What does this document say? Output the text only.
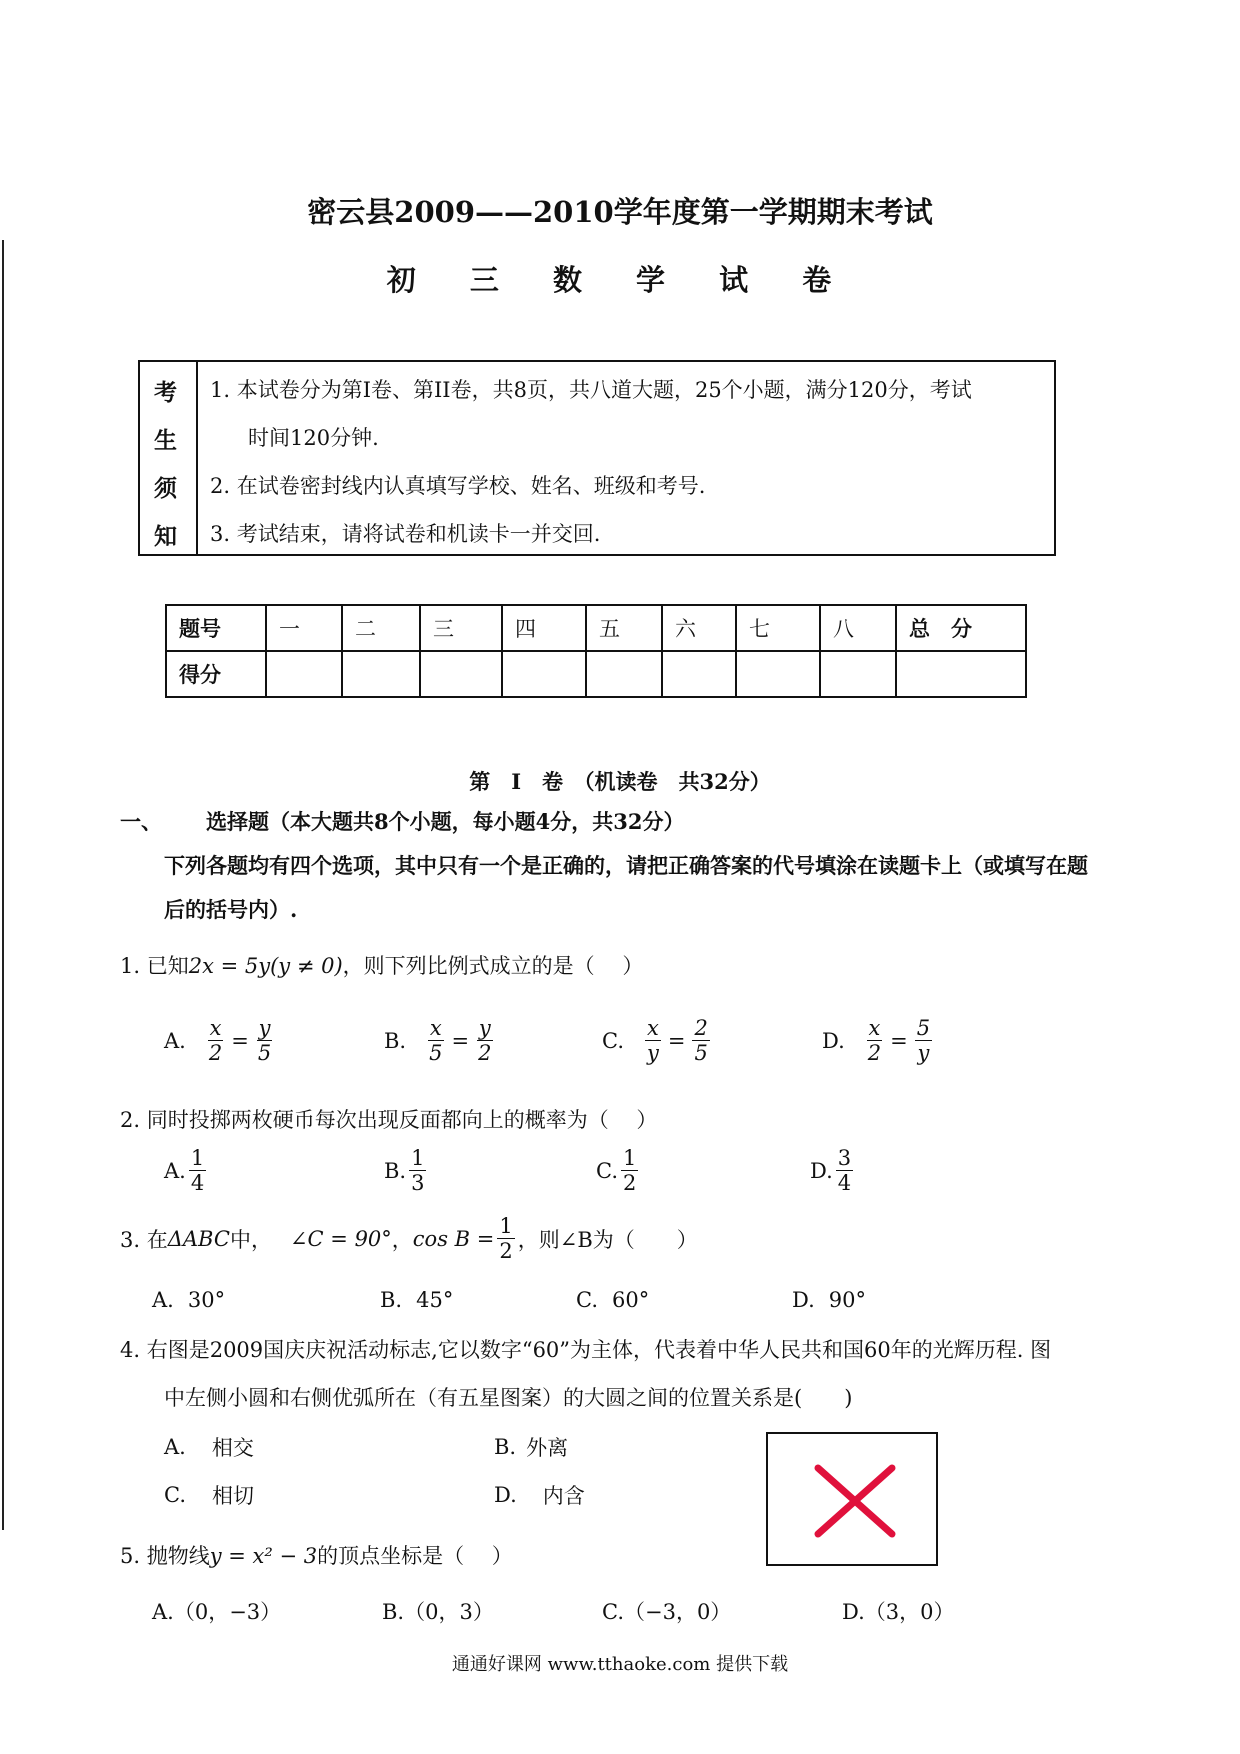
密云县2009——2010学年度第一学期期末考试
初 三 数 学 试 卷
考
生
须
知
1. 本试卷分为第I卷、第II卷，共8页，共八道大题，25个小题，满分120分，考试
时间120分钟.
2. 在试卷密封线内认真填写学校、姓名、班级和考号.
3. 考试结束，请将试卷和机读卡一并交回.
题号	一	二	三	四	五	六	七	八	总　分
得分									
第　I　卷　（机读卷　共32分）
一、 选择题（本大题共8个小题，每小题4分，共32分）
下列各题均有四个选项，其中只有一个是正确的，请把正确答案的代号填涂在读题卡上（或填写在题
后的括号内）.
1. 已知2x = 5y(y ≠ 0)，则下列比例式成立的是（　 ）
A. $\frac{x}{2} = \frac{y}{5}$	B. $\frac{x}{5} = \frac{y}{2}$	C. $\frac{x}{y} = \frac{2}{5}$	D. $\frac{x}{2} = \frac{5}{y}$
2. 同时投掷两枚硬币每次出现反面都向上的概率为（　 ）
A. $\frac{1}{4}$	B. $\frac{1}{3}$	C. $\frac{1}{2}$	D. $\frac{3}{4}$
3. 在 ΔABC 中， ∠C = 90° ， $\cos B = \frac{1}{2}$ ，则∠B为（　　）
A. 30°	B. 45°	C. 60°	D. 90°
4. 右图是2009国庆庆祝活动标志,它以数字“60”为主体，代表着中华人民共和国60年的光辉历程. 图
中左侧小圆和右侧优弧所在（有五星图案）的大圆之间的位置关系是(　　)
A. 相交	B. 外离
C. 相切	D. 内含
5. 抛物线y = x² − 3的顶点坐标是（　 ）
A.（0，−3）	B.（0，3）	C.（−3，0）	D.（3，0）
通通好课网 www.tthaoke.com 提供下载
